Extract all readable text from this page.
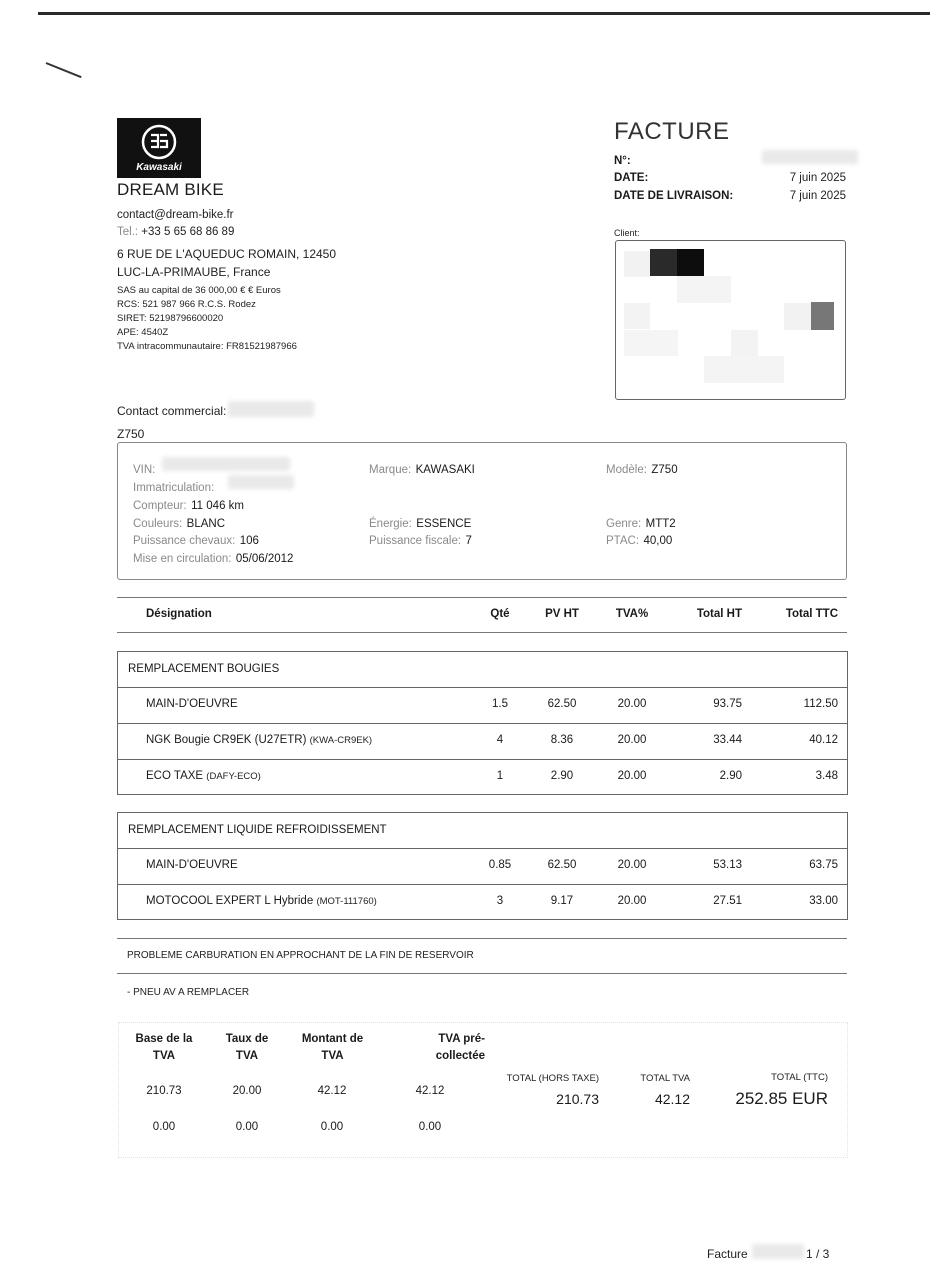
Kawasaki
DREAM BIKE
contact@dream-bike.fr
Tel.: +33 5 65 68 86 89
6 RUE DE L'AQUEDUC ROMAIN, 12450
LUC-LA-PRIMAUBE, France
SAS au capital de 36 000,00 € € Euros
RCS: 521 987 966 R.C.S. Rodez
SIRET: 52198796600020
APE: 4540Z
TVA intracommunautaire: FR81521987966
FACTURE
N°:
DATE:	7 juin 2025
DATE DE LIVRAISON:	7 juin 2025
Client:
Contact commercial:
Z750
VIN:
Immatriculation:
Compteur: 11 046 km
Couleurs: BLANC
Puissance chevaux: 106
Mise en circulation: 05/06/2012
Marque: KAWASAKI
Énergie: ESSENCE
Puissance fiscale: 7
Modèle: Z750
Genre: MTT2
PTAC: 40,00
Désignation	Qté	PV HT	TVA%	Total HT	Total TTC
REMPLACEMENT BOUGIES
MAIN-D'OEUVRE	1.5	62.50	20.00	93.75	112.50
NGK Bougie CR9EK (U27ETR) (KWA-CR9EK)	4	8.36	20.00	33.44	40.12
ECO TAXE (DAFY-ECO)	1	2.90	20.00	2.90	3.48
REMPLACEMENT LIQUIDE REFROIDISSEMENT
MAIN-D'OEUVRE	0.85	62.50	20.00	53.13	63.75
MOTOCOOL EXPERT L Hybride (MOT-111760)	3	9.17	20.00	27.51	33.00
PROBLEME CARBURATION EN APPROCHANT DE LA FIN DE RESERVOIR
- PNEU AV A REMPLACER
Base de la
TVA
Taux de
TVA
Montant de
TVA
TVA pré-
collectée
210.73	20.00	42.12	42.12
0.00	0.00	0.00	0.00
TOTAL (HORS TAXE)
210.73
TOTAL TVA
42.12
TOTAL (TTC)
252.85 EUR
Facture	1 / 3
